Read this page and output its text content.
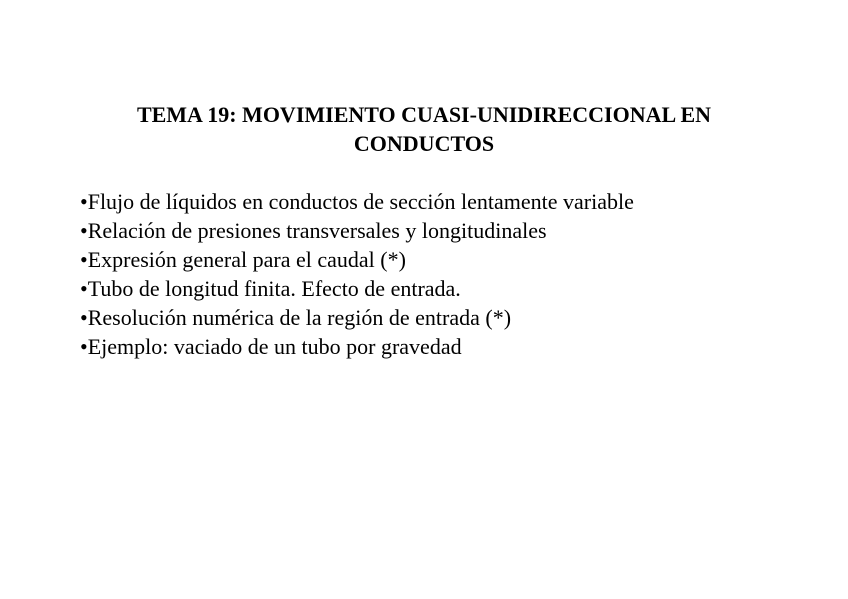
TEMA 19: MOVIMIENTO CUASI-UNIDIRECCIONAL EN
CONDUCTOS
•Flujo de líquidos en conductos de sección lentamente variable
•Relación de presiones transversales y longitudinales
•Expresión general para el caudal (*)
•Tubo de longitud finita. Efecto de entrada.
•Resolución numérica de la región de entrada (*)
•Ejemplo: vaciado de un tubo por gravedad
